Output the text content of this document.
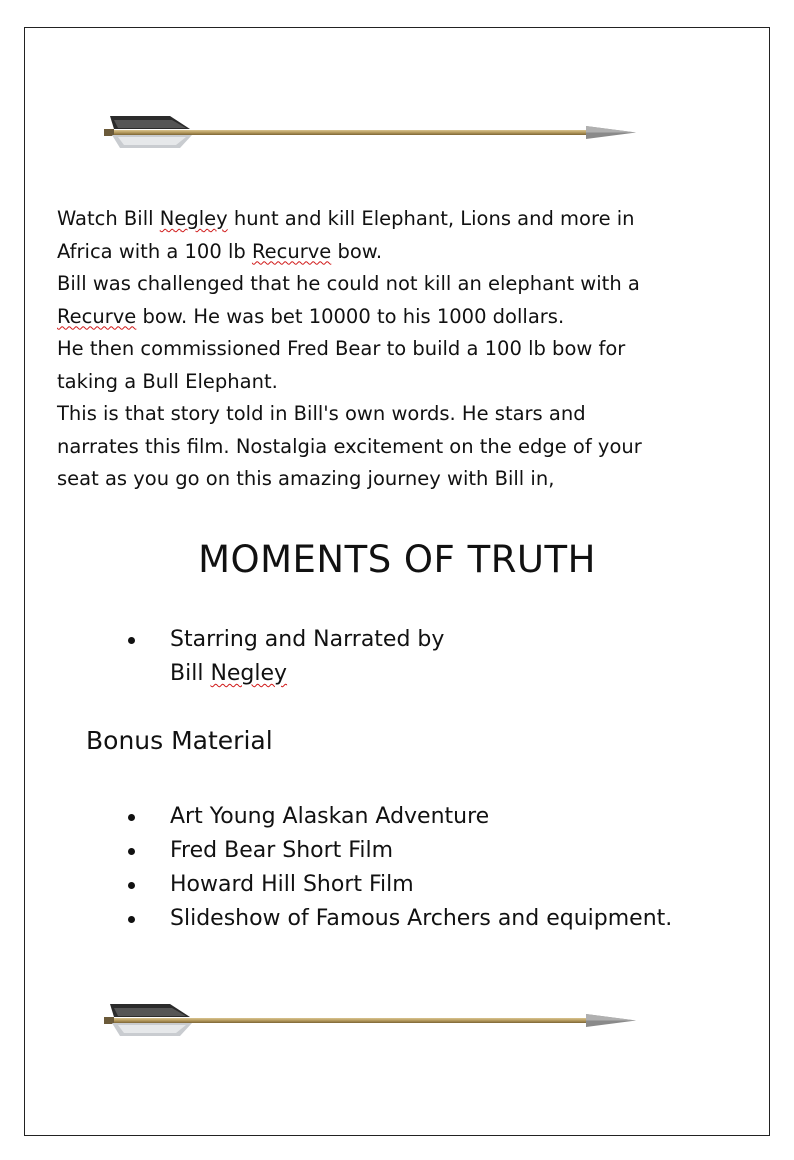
Watch Bill Negley hunt and kill Elephant, Lions and more in
Africa with a 100 lb Recurve bow.
Bill was challenged that he could not kill an elephant with a
Recurve bow. He was bet 10000 to his 1000 dollars.
He then commissioned Fred Bear to build a 100 lb bow for
taking a Bull Elephant.
This is that story told in Bill's own words. He stars and
narrates this film. Nostalgia excitement on the edge of your
seat as you go on this amazing journey with Bill in,
MOMENTS OF TRUTH
Starring and Narrated by
Bill Negley
Bonus Material
Art Young Alaskan Adventure
Fred Bear Short Film
Howard Hill Short Film
Slideshow of Famous Archers and equipment.
